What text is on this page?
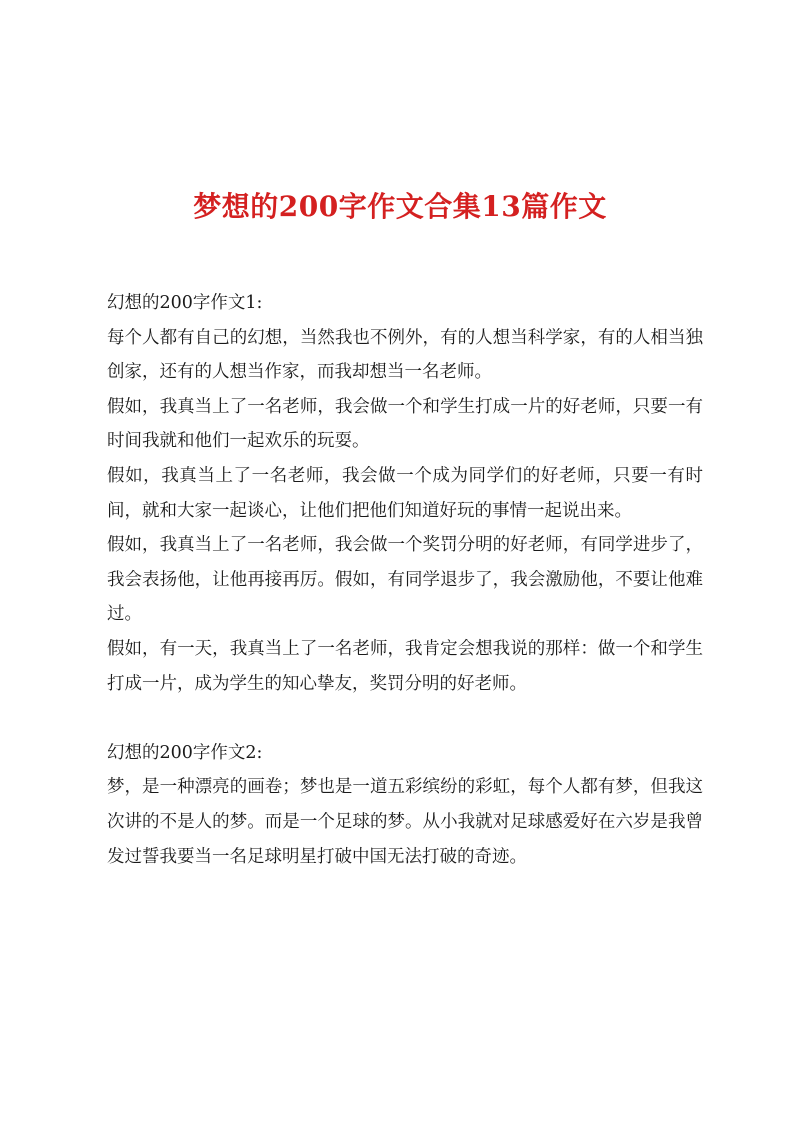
梦想的200字作文合集13篇作文

幻想的200字作文1:

每个人都有自己的幻想，当然我也不例外，有的人想当科学家，有的人相当独创家，还有的人想当作家，而我却想当一名老师。

假如，我真当上了一名老师，我会做一个和学生打成一片的好老师，只要一有时间我就和他们一起欢乐的玩耍。

假如，我真当上了一名老师，我会做一个成为同学们的好老师，只要一有时间，就和大家一起谈心，让他们把他们知道好玩的事情一起说出来。

假如，我真当上了一名老师，我会做一个奖罚分明的好老师，有同学进步了，我会表扬他，让他再接再厉。假如，有同学退步了，我会激励他，不要让他难过。

假如，有一天，我真当上了一名老师，我肯定会想我说的那样：做一个和学生打成一片，成为学生的知心挚友，奖罚分明的好老师。

幻想的200字作文2:

梦，是一种漂亮的画卷；梦也是一道五彩缤纷的彩虹，每个人都有梦，但我这次讲的不是人的梦。而是一个足球的梦。从小我就对足球感爱好在六岁是我曾发过誓我要当一名足球明星打破中国无法打破的奇迹。
